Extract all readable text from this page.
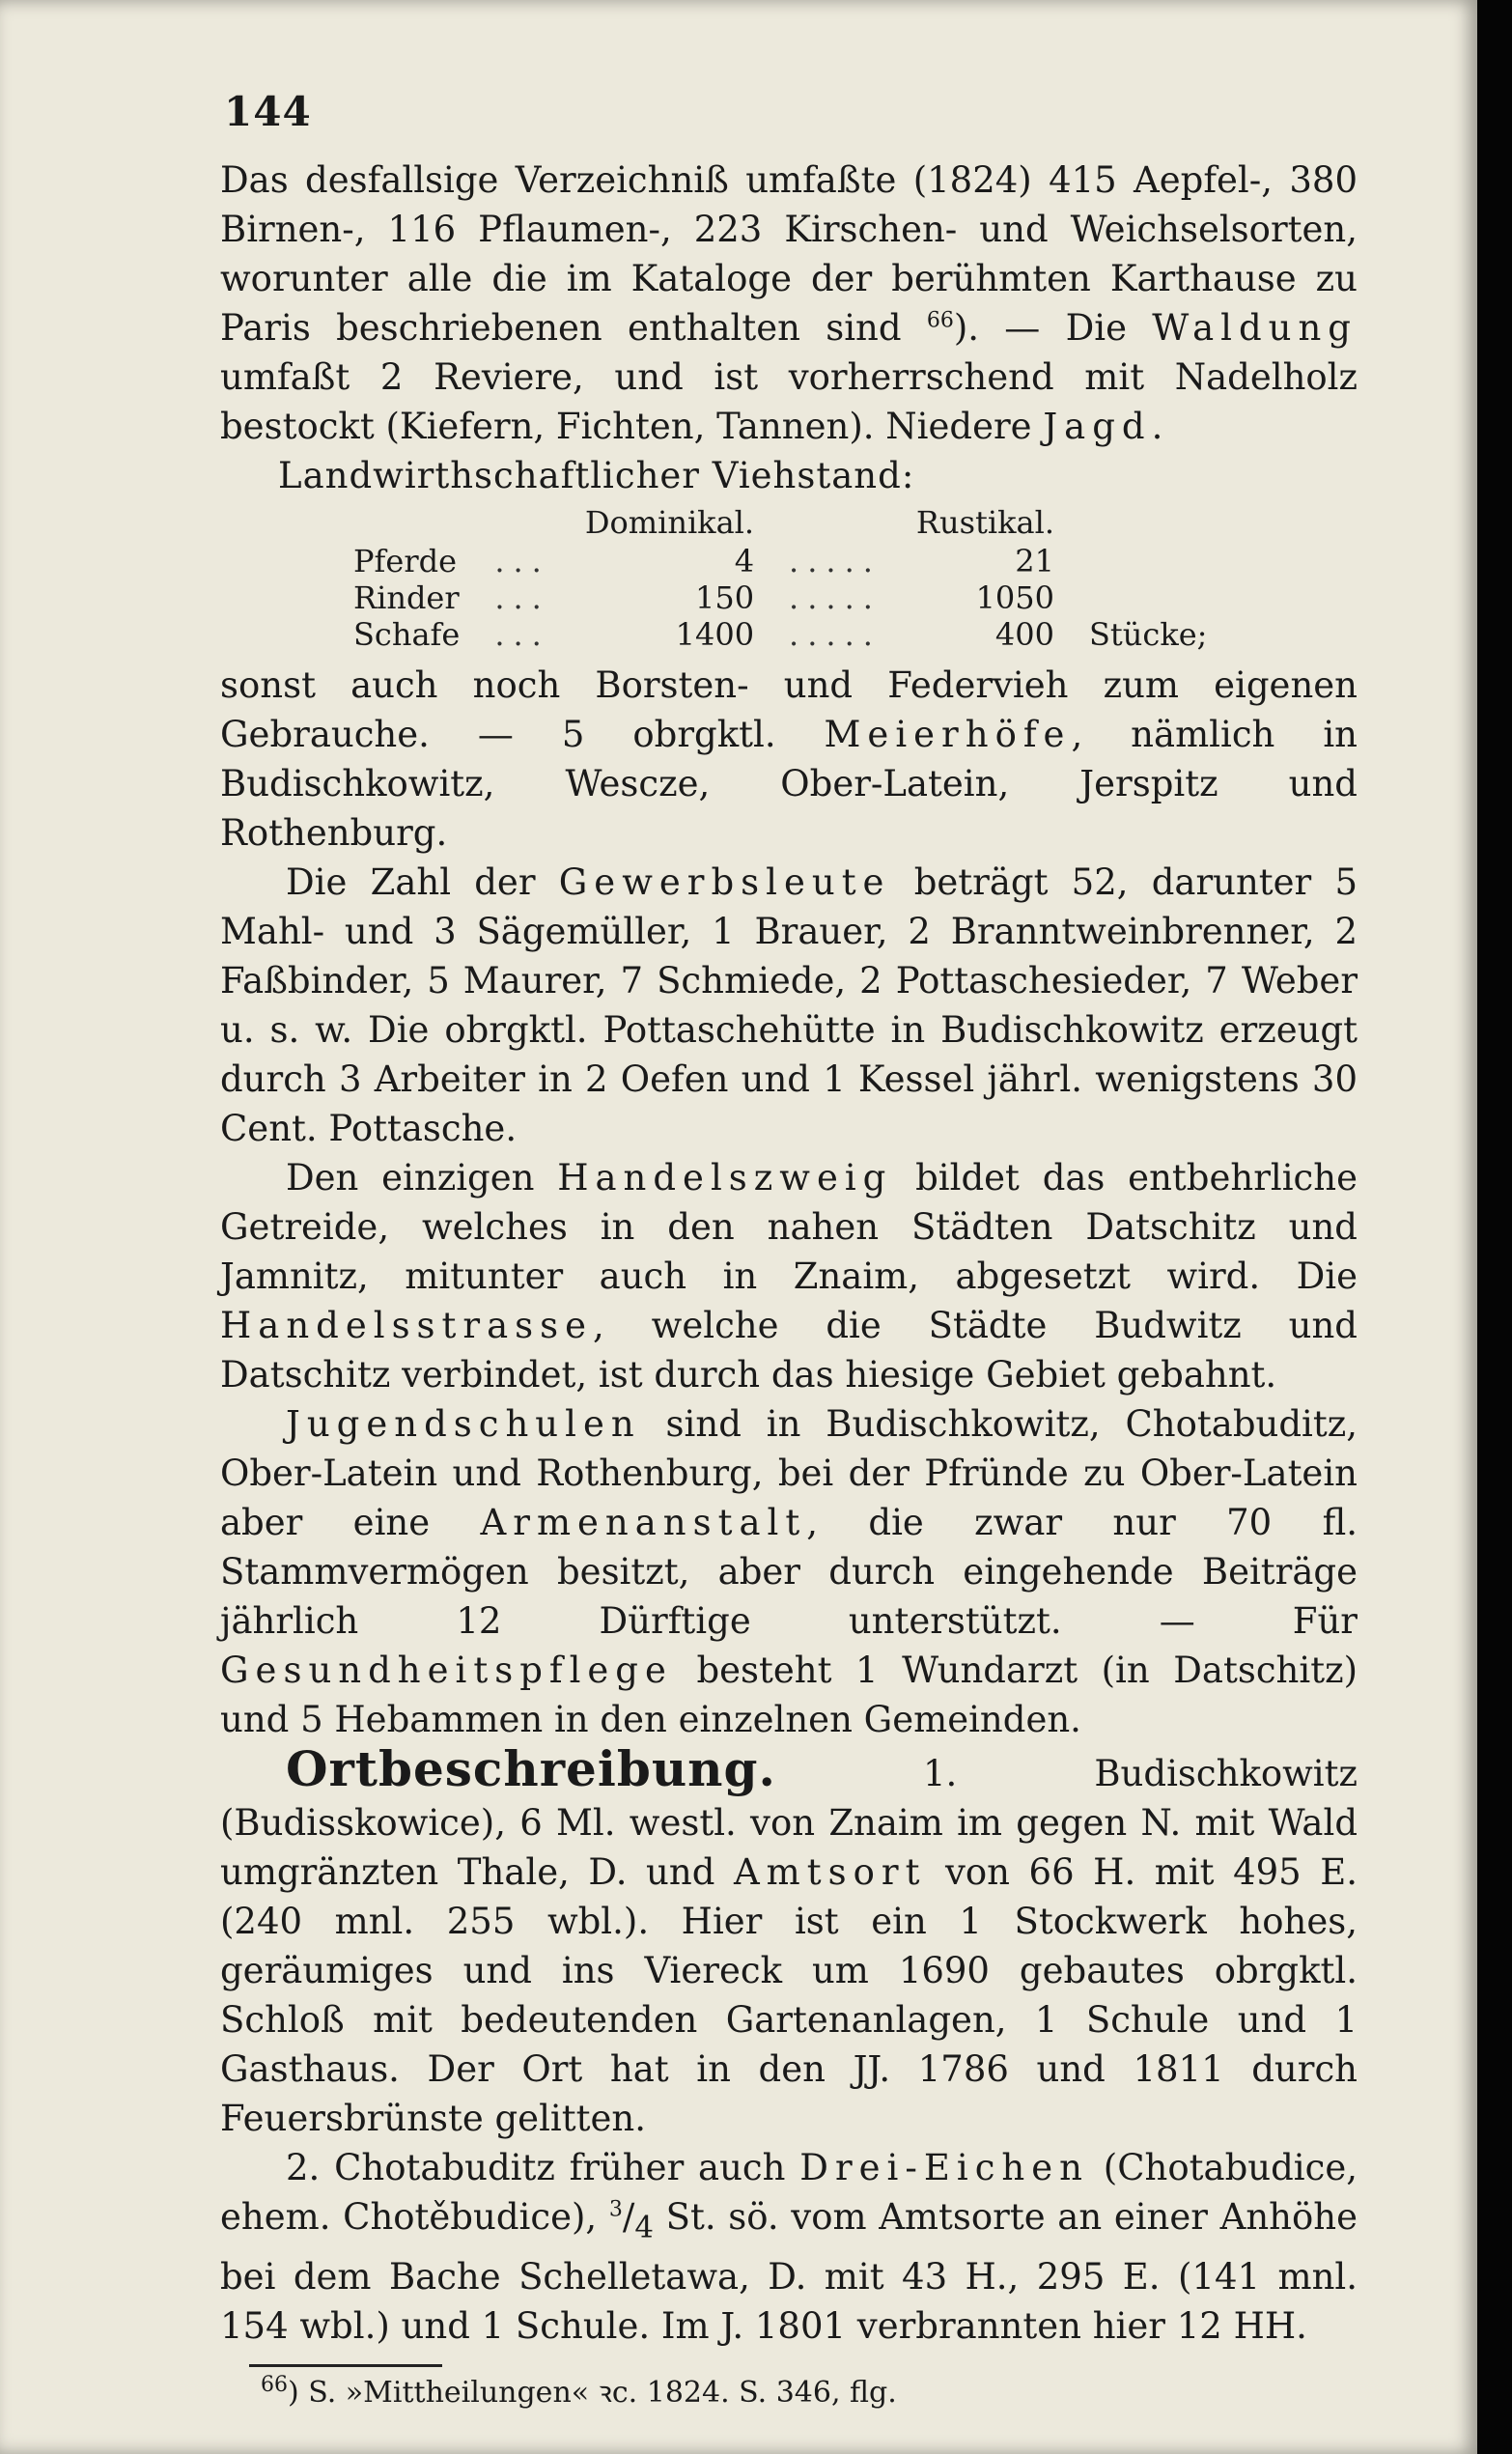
144

Das desfallsige Verzeichniß umfaßte (1824) 415 Aepfel-, 380 Birnen-, 116 Pflaumen-, 223 Kirschen- und Weichselsorten, worunter alle die im Kataloge der berühmten Karthause zu Paris beschriebenen enthalten sind $^{66}$). — Die Waldung umfaßt 2 Reviere, und ist vorherrschend mit Nadelholz bestockt (Kiefern, Fichten, Tannen). Niedere Jagd.

Landwirthschaftlicher Viehstand:
		Dominikal.		Rustikal.	
Pferde	...	4	.....	21	
Rinder	...	150	.....	1050	
Schafe	...	1400	.....	400	Stücke;

sonst auch noch Borsten- und Federvieh zum eigenen Gebrauche. — 5 obrgktl. Meierhöfe, nämlich in Budischkowitz, Wescze, Ober-Latein, Jerspitz und Rothenburg.

Die Zahl der Gewerbsleute beträgt 52, darunter 5 Mahl- und 3 Sägemüller, 1 Brauer, 2 Branntweinbrenner, 2 Faßbinder, 5 Maurer, 7 Schmiede, 2 Pottaschesieder, 7 Weber u. s. w. Die obrgktl. Pottaschehütte in Budischkowitz erzeugt durch 3 Arbeiter in 2 Oefen und 1 Kessel jährl. wenigstens 30 Cent. Pottasche.

Den einzigen Handelszweig bildet das entbehrliche Getreide, welches in den nahen Städten Datschitz und Jamnitz, mitunter auch in Znaim, abgesetzt wird. Die Handelsstrasse, welche die Städte Budwitz und Datschitz verbindet, ist durch das hiesige Gebiet gebahnt.

Jugendschulen sind in Budischkowitz, Chotabuditz, Ober-Latein und Rothenburg, bei der Pfründe zu Ober-Latein aber eine Armenanstalt, die zwar nur 70 fl. Stammvermögen besitzt, aber durch eingehende Beiträge jährlich 12 Dürftige unterstützt. — Für Gesundheitspflege besteht 1 Wundarzt (in Datschitz) und 5 Hebammen in den einzelnen Gemeinden.

Ortbeschreibung.	1. Budischkowitz (Budisskowice), 6 Ml. westl. von Znaim im gegen N. mit Wald umgränzten Thale, D. und Amtsort von 66 H. mit 495 E. (240 mnl. 255 wbl.). Hier ist ein 1 Stockwerk hohes, geräumiges und ins Viereck um 1690 gebautes obrgktl. Schloß mit bedeutenden Gartenanlagen, 1 Schule und 1 Gasthaus. Der Ort hat in den JJ. 1786 und 1811 durch Feuersbrünste gelitten.

2. Chotabuditz früher auch Drei-Eichen (Chotabudice, ehem. Chotěbudice), $^3/_4$ St. sö. vom Amtsorte an einer Anhöhe bei dem Bache Schelletawa, D. mit 43 H., 295 E. (141 mnl. 154 wbl.) und 1 Schule. Im J. 1801 verbrannten hier 12 HH.

$^{66}$) S. »Mittheilungen« ꝛc. 1824. S. 346, flg.
